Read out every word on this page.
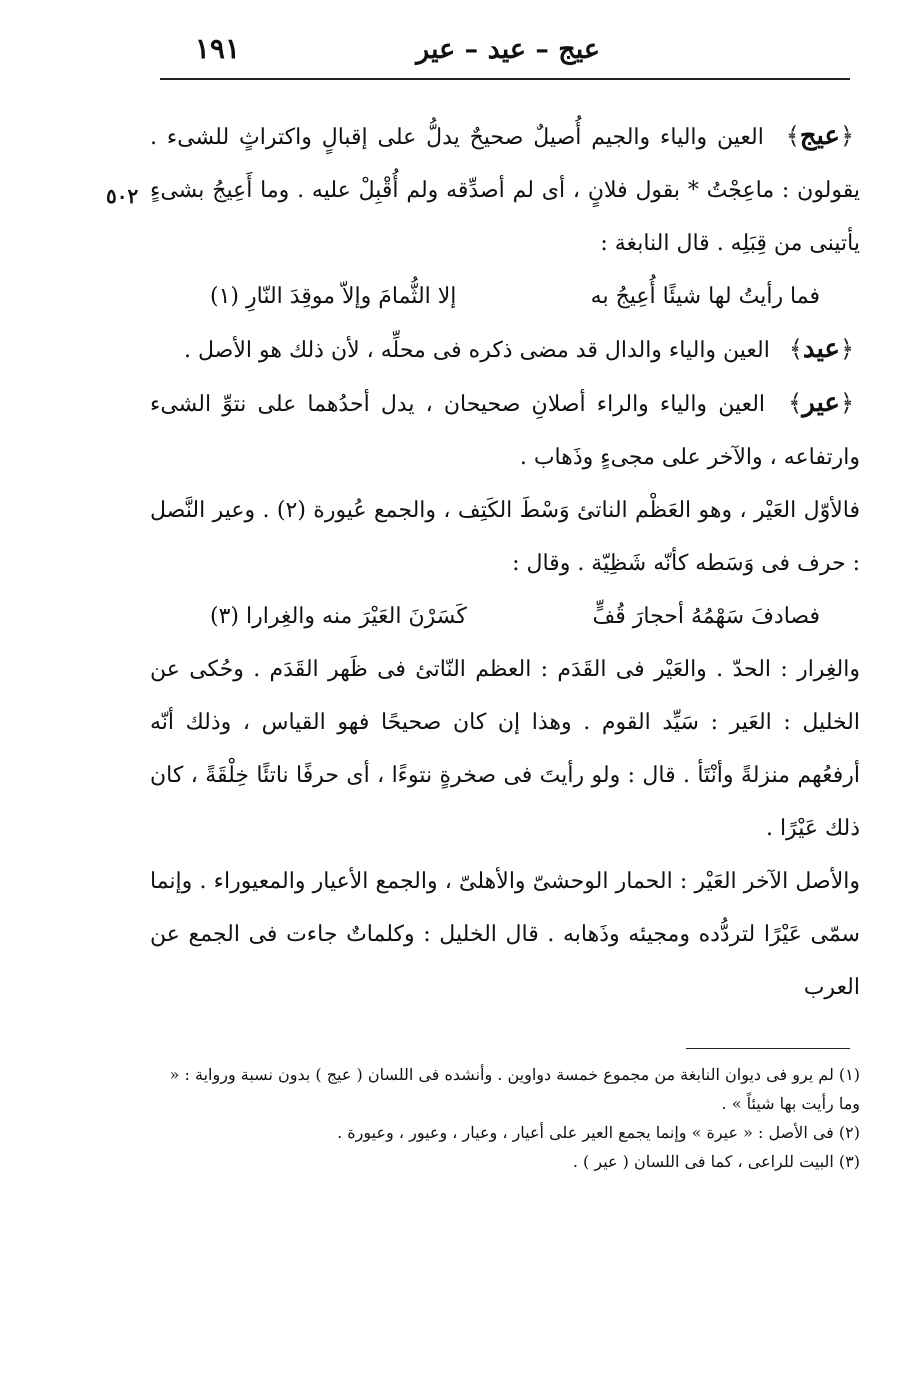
عيج – عيد – عير
١٩١
٥٠٢

﴿عيج﴾ العين والياء والجيم أُصيلٌ صحيحٌ يدلُّ على إقبالٍ واكتراثٍ للشىء . يقولون : ماعِجْتُ * بقول فلانٍ ، أى لم أصدِّقه ولم أُقْبِلْ عليه . وما أَعِيجُ بشىءٍ يأتينى من قِبَلِه . قال النابغة :

فما رأيتُ لها شيئًا أُعِيجُ به
إلا الثُّمامَ وإلاّ موقِدَ النّارِ (١)

﴿عيد﴾ العين والياء والدال قد مضى ذكره فى محلِّه ، لأن ذلك هو الأصل .

﴿عير﴾ العين والياء والراء أصلانِ صحيحان ، يدل أحدُهما على نتوِّ الشىء وارتفاعه ، والآخر على مجىءٍ وذَهاب .

فالأوّل العَيْر ، وهو العَظْم الناتئ وَسْطَ الكَتِف ، والجمع عُيورة (٢) . وعير النَّصل : حرف فى وَسَطه كأنّه شَظِيّة . وقال :

فصادفَ سَهْمُهُ أحجارَ قُفٍّ
كَسَرْنَ العَيْرَ منه والغِرارا (٣)

والغِرار : الحدّ . والعَيْر فى القَدَم : العظم النّاتئ فى ظَهر القَدَم . وحُكى عن الخليل : العَير : سَيِّد القوم . وهذا إن كان صحيحًا فهو القياس ، وذلك أنّه أرفعُهم منزلةً وأنْتَأ . قال : ولو رأيتَ فى صخرةٍ نتوءًا ، أى حرفًا ناتئًا خِلْقَةً ، كان ذلك عَيْرًا .

والأصل الآخر العَيْر : الحمار الوحشىّ والأهلىّ ، والجمع الأعيار والمعيوراء . وإنما سمّى عَيْرًا لتردُّده ومجيئه وذَهابه . قال الخليل : وكلماتٌ جاءت فى الجمع عن العرب

(١) لم يرو فى ديوان النابغة من مجموع خمسة دواوين . وأنشده فى اللسان ( عيج ) بدون نسبة ورواية : « وما رأيت بها شيئاً » .

(٢) فى الأصل : « عيرة » وإنما يجمع العير على أعيار ، وعيار ، وعيور ، وعيورة .

(٣) البيت للراعى ، كما فى اللسان ( عير ) .
